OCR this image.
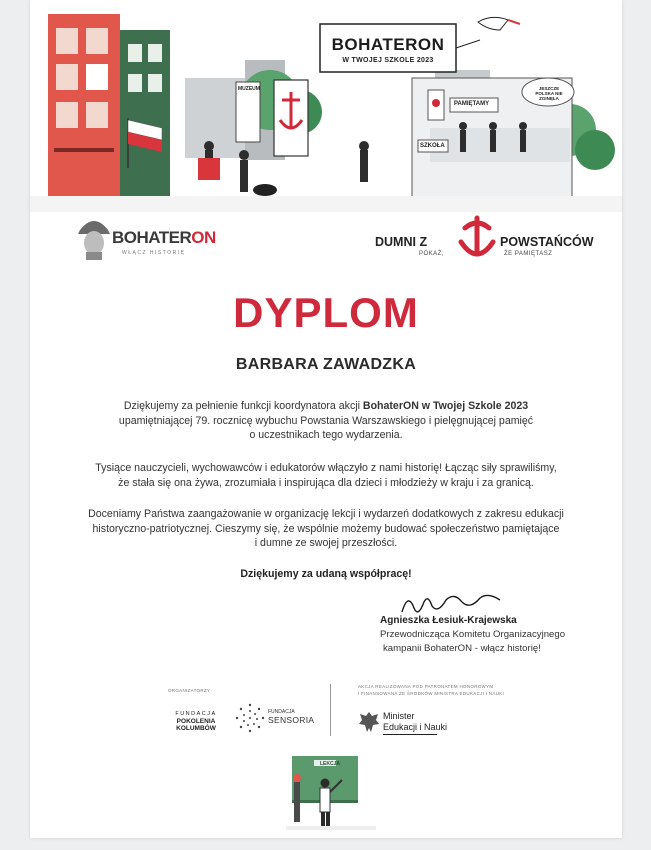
BOHATERON
W TWOJEJ SZKOLE 2023
MUZEUM
PAMIĘTAMY
SZKOŁA
JESZCZE POLSKA NIE ZGINĘŁA
BOHATERON
WŁĄCZ HISTORIĘ
DUMNI Z	POWSTAŃCÓW
POKAŻ,	ŻE PAMIĘTASZ
DYPLOM
BARBARA ZAWADZKA
Dziękujemy za pełnienie funkcji koordynatora akcji BohaterON w Twojej Szkole 2023
upamiętniającej 79. rocznicę wybuchu Powstania Warszawskiego i pielęgnującej pamięć
o uczestnikach tego wydarzenia.
Tysiące nauczycieli, wychowawców i edukatorów włączyło z nami historię! Łącząc siły sprawiliśmy,
że stała się ona żywa, zrozumiała i inspirująca dla dzieci i młodzieży w kraju i za granicą.
Doceniamy Państwa zaangażowanie w organizację lekcji i wydarzeń dodatkowych z zakresu edukacji
historyczno-patriotycznej. Cieszymy się, że wspólnie możemy budować społeczeństwo pamiętające
i dumne ze swojej przeszłości.
Dziękujemy za udaną współpracę!
Agnieszka Łesiuk-Krajewska
Przewodnicząca Komitetu Organizacyjnego
kampanii BohaterON - włącz historię!
ORGANIZATORZY
FUNDACJA
POKOLENIA KOLUMBÓW
FUNDACJA
SENSORIA
AKCJA REALIZOWANA POD PATRONATEM HONOROWYM
I FINANSOWANA ZE ŚRODKÓW MINISTRA EDUKACJI I NAUKI
Minister
Edukacji i Nauki
LEKCJA
